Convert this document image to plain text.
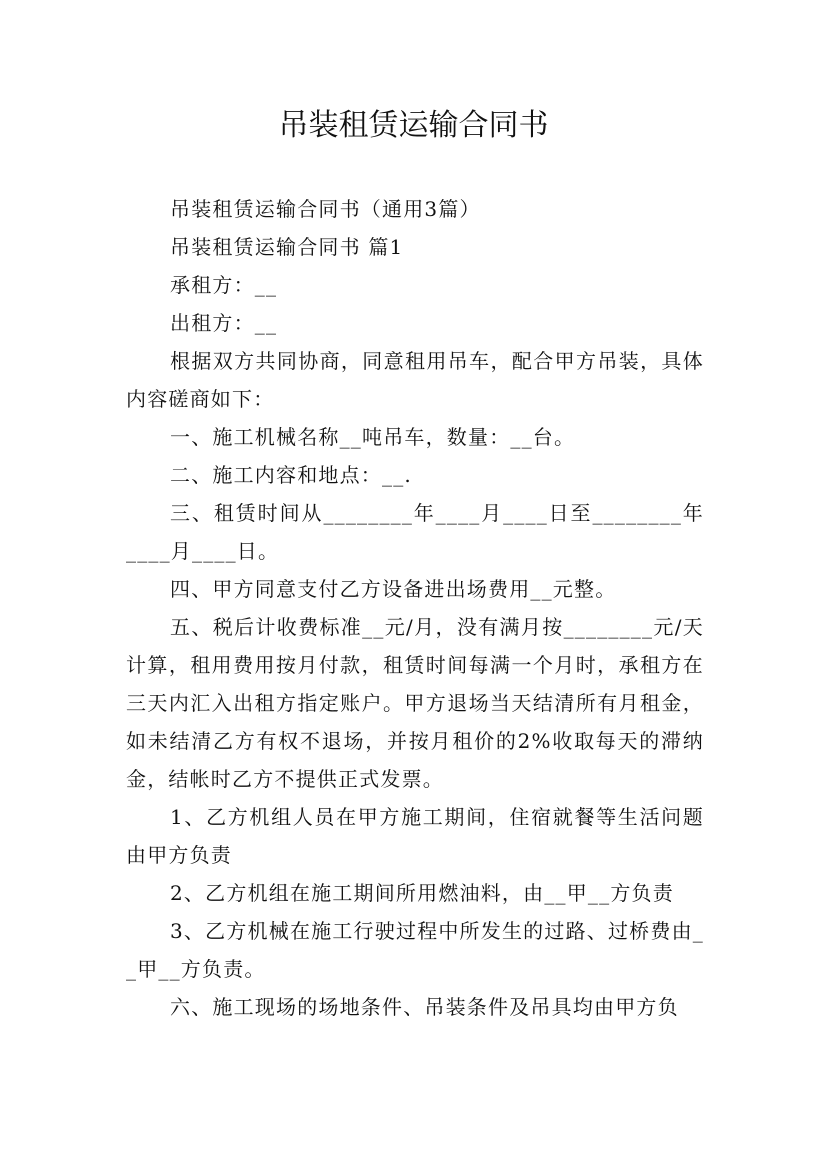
吊装租赁运输合同书

吊装租赁运输合同书（通用3篇）

吊装租赁运输合同书 篇1

承租方：__

出租方：__

根据双方共同协商，同意租用吊车，配合甲方吊装，具体内容磋商如下：

一、施工机械名称__吨吊车，数量：__台。

二、施工内容和地点：__.

三、租赁时间从________年____月____日至________年____月____日。

四、甲方同意支付乙方设备进出场费用__元整。

五、税后计收费标准__元/月，没有满月按________元/天计算，租用费用按月付款，租赁时间每满一个月时，承租方在三天内汇入出租方指定账户。甲方退场当天结清所有月租金，如未结清乙方有权不退场，并按月租价的2%收取每天的滞纳金，结帐时乙方不提供正式发票。

1、乙方机组人员在甲方施工期间，住宿就餐等生活问题由甲方负责

2、乙方机组在施工期间所用燃油料，由__甲__方负责

3、乙方机械在施工行驶过程中所发生的过路、过桥费由__甲__方负责。

六、施工现场的场地条件、吊装条件及吊具均由甲方负
